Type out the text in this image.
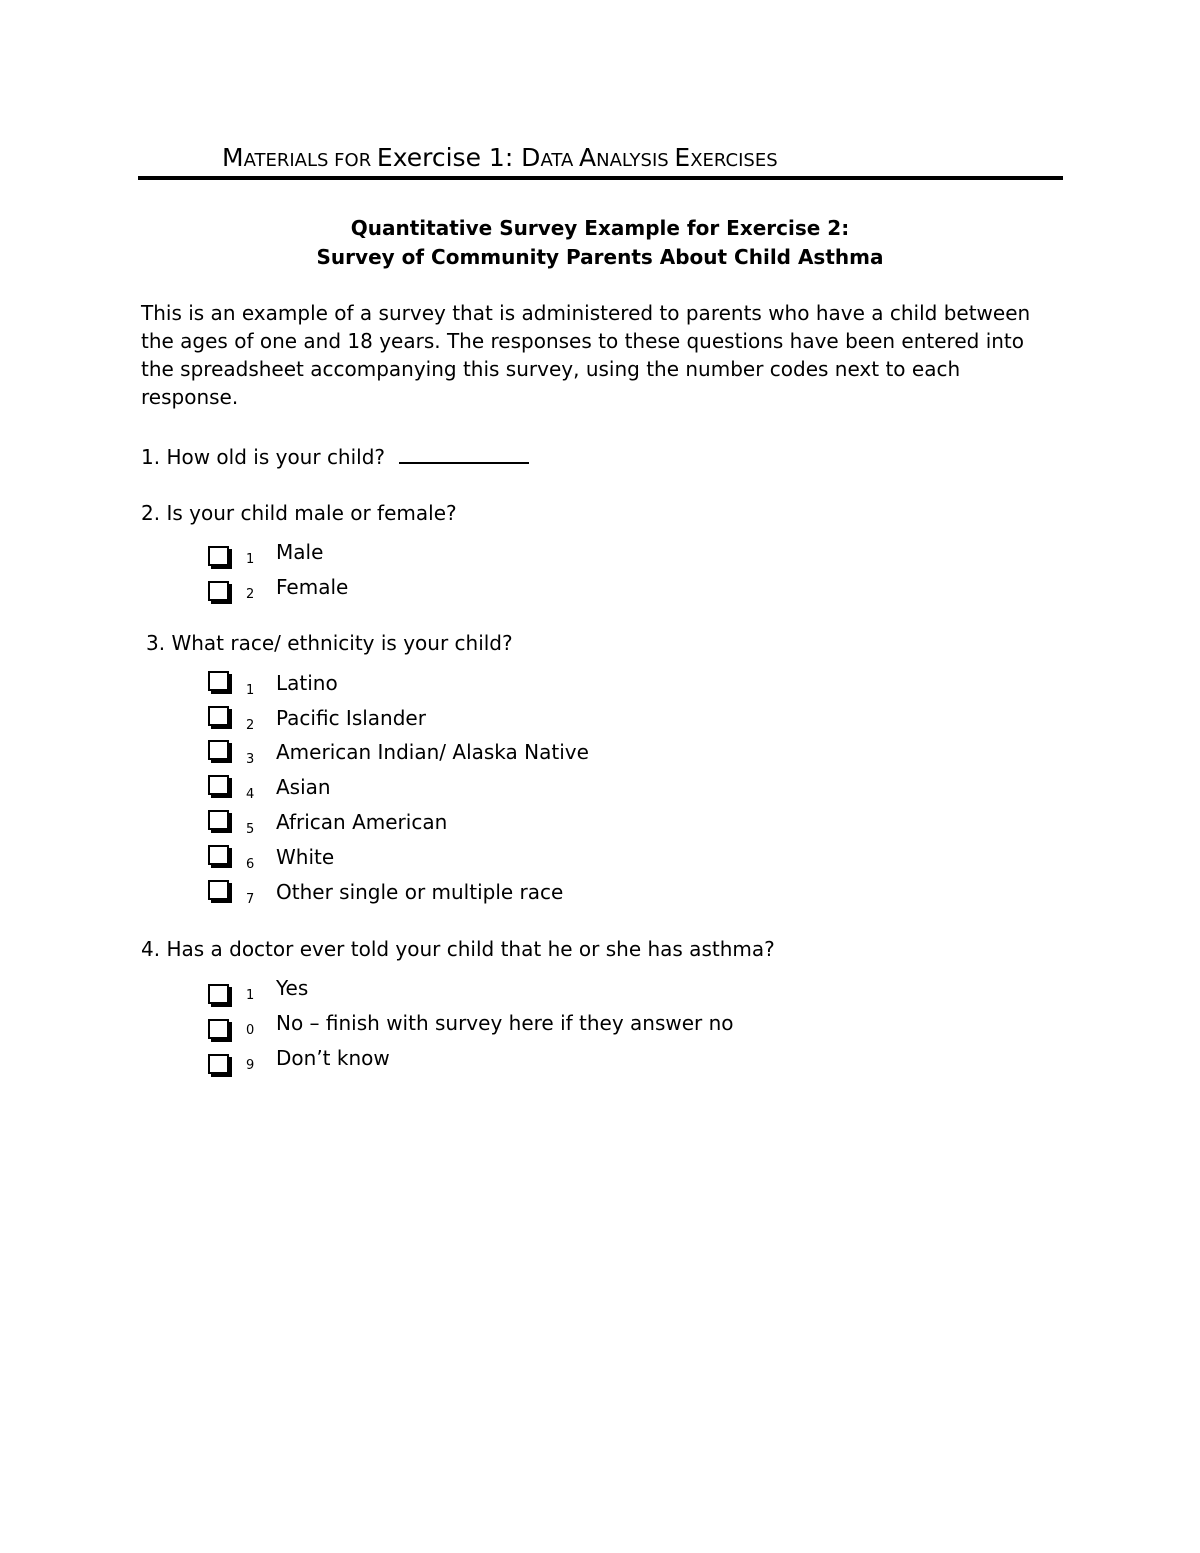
MATERIALS FOR Exercise 1: DATA ANALYSIS EXERCISES
Quantitative Survey Example for Exercise 2:
Survey of Community Parents About Child Asthma

This is an example of a survey that is administered to parents who have a child between the ages of one and 18 years. The responses to these questions have been entered into the spreadsheet accompanying this survey, using the number codes next to each response.

1. How old is your child?
2. Is your child male or female?
1 Male
2 Female
3. What race/ ethnicity is your child?
1 Latino
2 Pacific Islander
3 American Indian/ Alaska Native
4 Asian
5 African American
6 White
7 Other single or multiple race
4. Has a doctor ever told your child that he or she has asthma?
1 Yes
0 No – finish with survey here if they answer no
9 Don’t know
